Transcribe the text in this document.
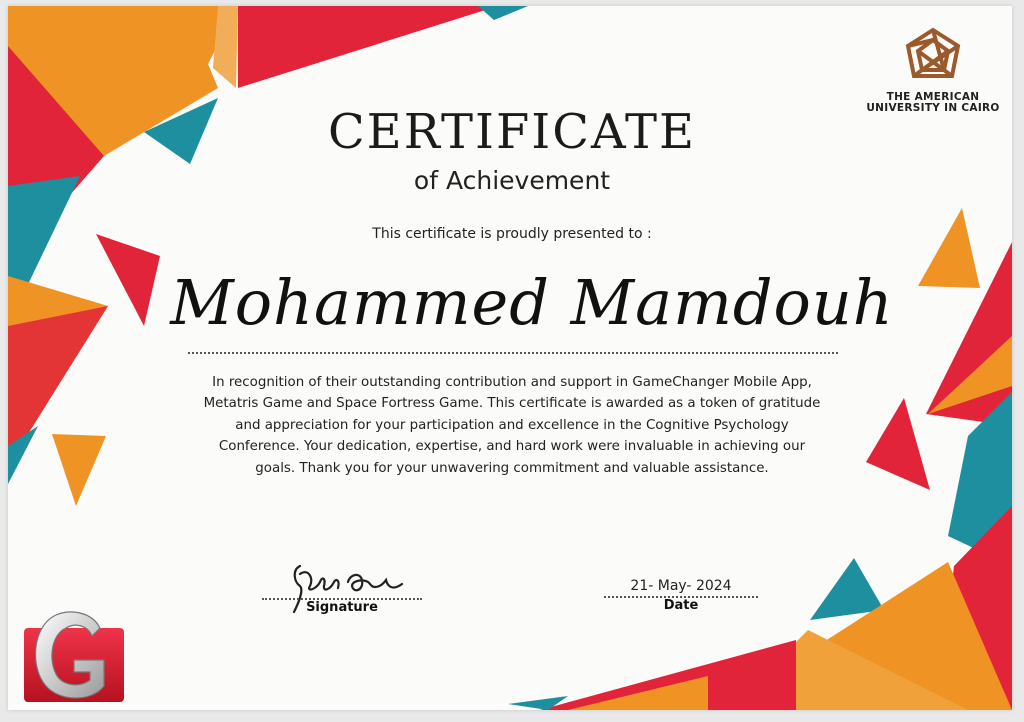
THE AMERICAN
UNIVERSITY IN CAIRO
CERTIFICATE
of Achievement
This certificate is proudly presented to :
Mohammed Mamdouh
In recognition of their outstanding contribution and support in GameChanger Mobile App, Metatris Game and Space Fortress Game. This certificate is awarded as a token of gratitude and appreciation for your participation and excellence in the Cognitive Psychology Conference. Your dedication, expertise, and hard work were invaluable in achieving our goals. Thank you for your unwavering commitment and valuable assistance.
Signature
21- May- 2024
Date
